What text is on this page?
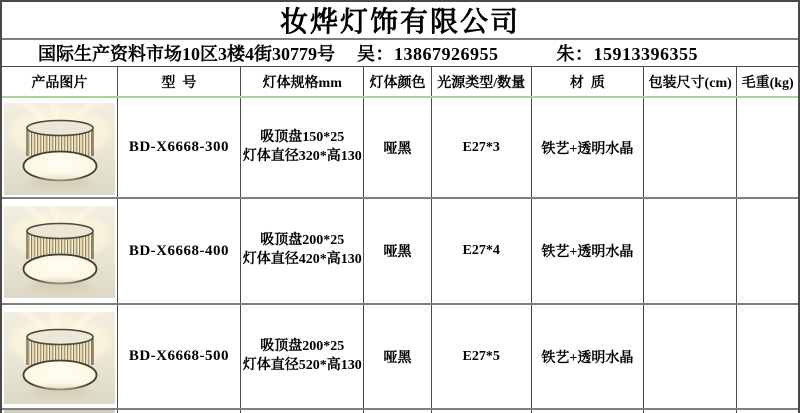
妆烨灯饰有限公司
国际生产资料市场10区3楼4街30779号 吴：13867926955	朱：15913396355
产品图片	型  号	灯体规格mm	灯体颜色	光源类型/数量	材  质	包装尺寸(cm)	毛重(kg)

	BD-X6668-300	吸顶盘150*25
灯体直径320*高130	哑黑	E27*3	铁艺+透明水晶		

	BD-X6668-400	吸顶盘200*25
灯体直径420*高130	哑黑	E27*4	铁艺+透明水晶		

	BD-X6668-500	吸顶盘200*25
灯体直径520*高130	哑黑	E27*5	铁艺+透明水晶		
